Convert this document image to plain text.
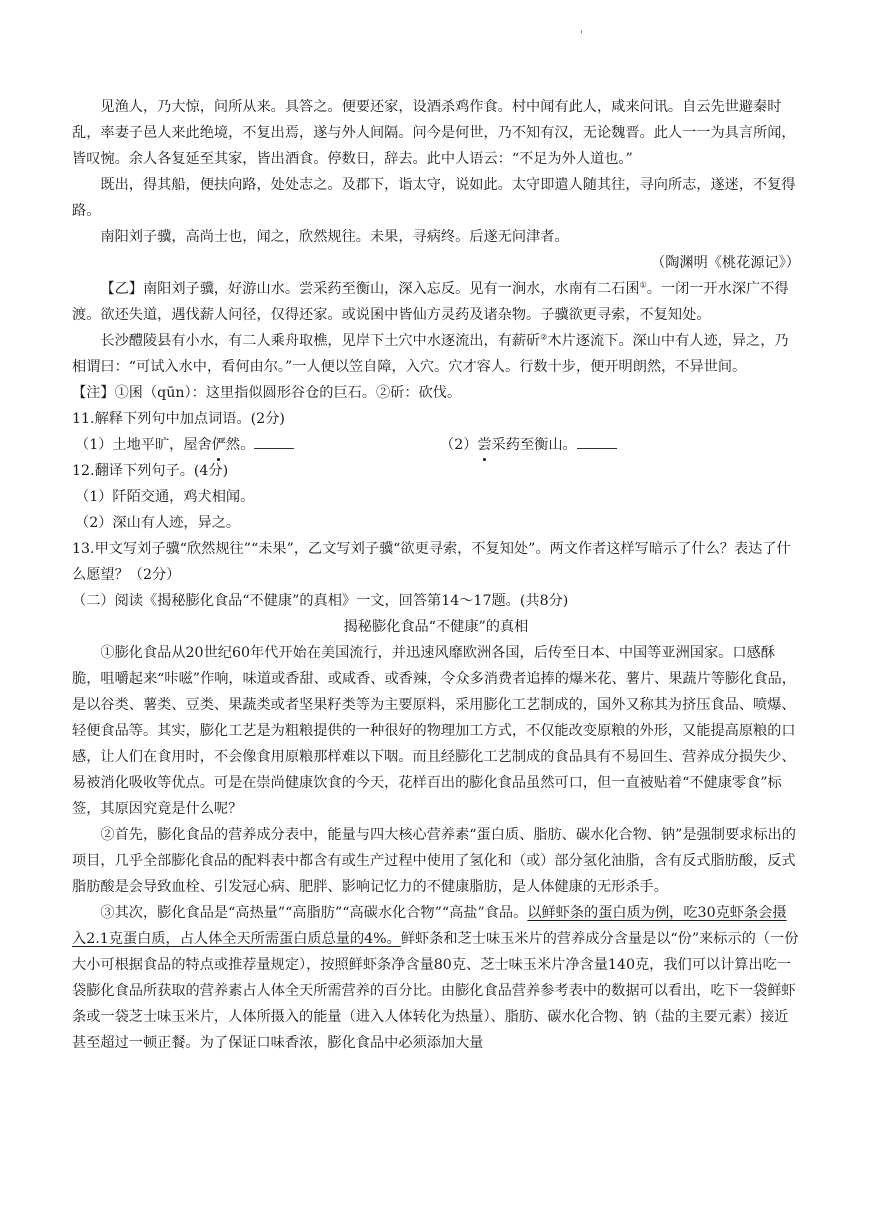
'

见渔人，乃大惊，问所从来。具答之。便要还家，设酒杀鸡作食。村中闻有此人，咸来问讯。自云先世避秦时乱，率妻子邑人来此绝境，不复出焉，遂与外人间隔。问今是何世，乃不知有汉，无论魏晋。此人一一为具言所闻，皆叹惋。余人各复延至其家，皆出酒食。停数日，辞去。此中人语云：“不足为外人道也。”

既出，得其船，便扶向路，处处志之。及郡下，诣太守，说如此。太守即遣人随其往，寻向所志，遂迷，不复得路。

南阳刘子骥，高尚士也，闻之，欣然规往。未果，寻病终。后遂无问津者。

（陶渊明《桃花源记》）

【乙】南阳刘子骥，好游山水。尝采药至衡山，深入忘反。见有一涧水，水南有二石囷①。一闭一开水深广不得渡。欲还失道，遇伐薪人问径，仅得还家。或说囷中皆仙方灵药及诸杂物。子骥欲更寻索，不复知处。

长沙醴陵县有小水，有二人乘舟取樵，见岸下土穴中水逐流出，有薪斫②木片逐流下。深山中有人迹，异之，乃相谓曰：“可试入水中，看何由尔。”一人便以笠自障，入穴。穴才容人。行数十步，便开明朗然，不异世间。

【注】①囷（qūn）：这里指似圆形谷仓的巨石。②斫：砍伐。

11.解释下列句中加点词语。(2分)

（1）土地平旷，屋舍俨然。	（2）尝采药至衡山。

12.翻译下列句子。(4分)

（1）阡陌交通，鸡犬相闻。

（2）深山有人迹，异之。

13.甲文写刘子骥“欣然规往”“未果”，乙文写刘子骥“欲更寻索，不复知处”。两文作者这样写暗示了什么？表达了什么愿望？（2分）

（二）阅读《揭秘膨化食品“不健康”的真相》一文，回答第14～17题。(共8分)

揭秘膨化食品“不健康”的真相

①膨化食品从20世纪60年代开始在美国流行，并迅速风靡欧洲各国，后传至日本、中国等亚洲国家。口感酥脆，咀嚼起来“咔嗞”作响，味道或香甜、或咸香、或香辣，令众多消费者追捧的爆米花、薯片、果蔬片等膨化食品，是以谷类、薯类、豆类、果蔬类或者坚果籽类等为主要原料，采用膨化工艺制成的，国外又称其为挤压食品、喷爆、轻便食品等。其实，膨化工艺是为粗粮提供的一种很好的物理加工方式，不仅能改变原粮的外形，又能提高原粮的口感，让人们在食用时，不会像食用原粮那样难以下咽。而且经膨化工艺制成的食品具有不易回生、营养成分损失少、易被消化吸收等优点。可是在崇尚健康饮食的今天，花样百出的膨化食品虽然可口，但一直被贴着“不健康零食”标签，其原因究竟是什么呢？

②首先，膨化食品的营养成分表中，能量与四大核心营养素“蛋白质、脂肪、碳水化合物、钠”是强制要求标出的项目，几乎全部膨化食品的配料表中都含有或生产过程中使用了氢化和（或）部分氢化油脂，含有反式脂肪酸，反式脂肪酸是会导致血栓、引发冠心病、肥胖、影响记忆力的不健康脂肪，是人体健康的无形杀手。

③其次，膨化食品是“高热量”“高脂肪”“高碳水化合物”“高盐”食品。以鲜虾条的蛋白质为例，吃30克虾条会摄入2.1克蛋白质，占人体全天所需蛋白质总量的4%。鲜虾条和芝士味玉米片的营养成分含量是以“份”来标示的（一份大小可根据食品的特点或推荐量规定），按照鲜虾条净含量80克、芝士味玉米片净含量140克，我们可以计算出吃一袋膨化食品所获取的营养素占人体全天所需营养的百分比。由膨化食品营养参考表中的数据可以看出，吃下一袋鲜虾条或一袋芝士味玉米片，人体所摄入的能量（进入人体转化为热量）、脂肪、碳水化合物、钠（盐的主要元素）接近甚至超过一顿正餐。为了保证口味香浓，膨化食品中必须添加大量
